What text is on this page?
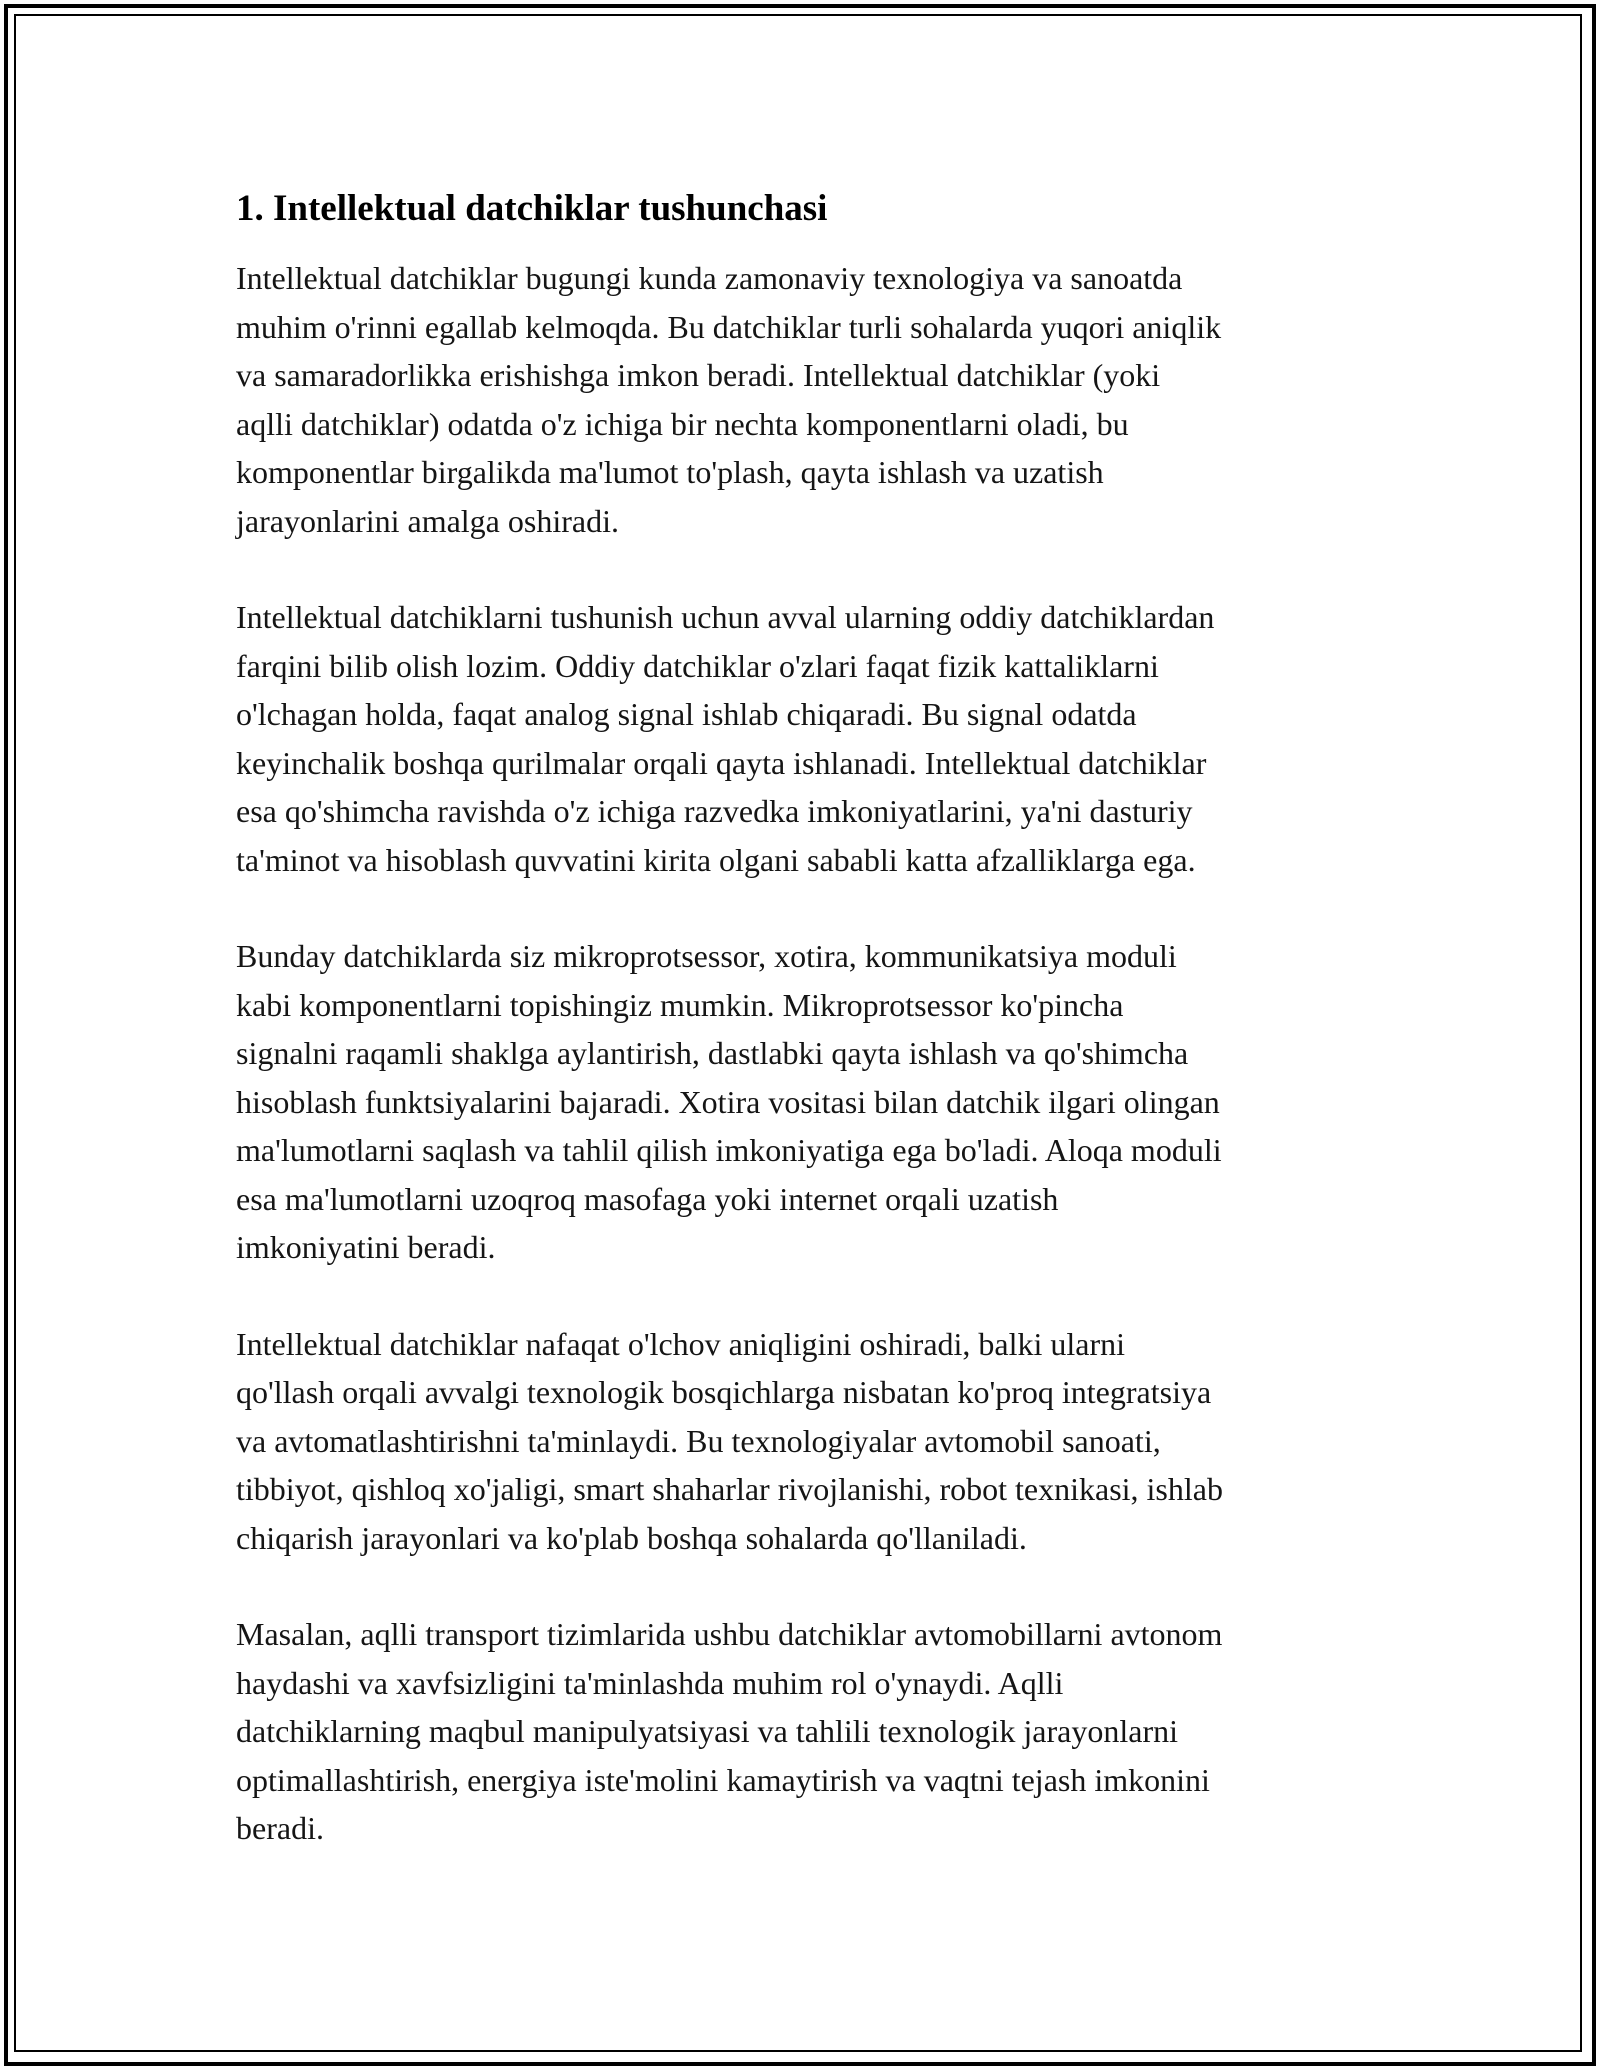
1. Intellektual datchiklar tushunchasi

Intellektual datchiklar bugungi kunda zamonaviy texnologiya va sanoatda
muhim o'rinni egallab kelmoqda. Bu datchiklar turli sohalarda yuqori aniqlik
va samaradorlikka erishishga imkon beradi. Intellektual datchiklar (yoki
aqlli datchiklar) odatda o'z ichiga bir nechta komponentlarni oladi, bu
komponentlar birgalikda ma'lumot to'plash, qayta ishlash va uzatish
jarayonlarini amalga oshiradi.

Intellektual datchiklarni tushunish uchun avval ularning oddiy datchiklardan
farqini bilib olish lozim. Oddiy datchiklar o'zlari faqat fizik kattaliklarni
o'lchagan holda, faqat analog signal ishlab chiqaradi. Bu signal odatda
keyinchalik boshqa qurilmalar orqali qayta ishlanadi. Intellektual datchiklar
esa qo'shimcha ravishda o'z ichiga razvedka imkoniyatlarini, ya'ni dasturiy
ta'minot va hisoblash quvvatini kirita olgani sababli katta afzalliklarga ega.

Bunday datchiklarda siz mikroprotsessor, xotira, kommunikatsiya moduli
kabi komponentlarni topishingiz mumkin. Mikroprotsessor ko'pincha
signalni raqamli shaklga aylantirish, dastlabki qayta ishlash va qo'shimcha
hisoblash funktsiyalarini bajaradi. Xotira vositasi bilan datchik ilgari olingan
ma'lumotlarni saqlash va tahlil qilish imkoniyatiga ega bo'ladi. Aloqa moduli
esa ma'lumotlarni uzoqroq masofaga yoki internet orqali uzatish
imkoniyatini beradi.

Intellektual datchiklar nafaqat o'lchov aniqligini oshiradi, balki ularni
qo'llash orqali avvalgi texnologik bosqichlarga nisbatan ko'proq integratsiya
va avtomatlashtirishni ta'minlaydi. Bu texnologiyalar avtomobil sanoati,
tibbiyot, qishloq xo'jaligi, smart shaharlar rivojlanishi, robot texnikasi, ishlab
chiqarish jarayonlari va ko'plab boshqa sohalarda qo'llaniladi.

Masalan, aqlli transport tizimlarida ushbu datchiklar avtomobillarni avtonom
haydashi va xavfsizligini ta'minlashda muhim rol o'ynaydi. Aqlli
datchiklarning maqbul manipulyatsiyasi va tahlili texnologik jarayonlarni
optimallashtirish, energiya iste'molini kamaytirish va vaqtni tejash imkonini
beradi.
